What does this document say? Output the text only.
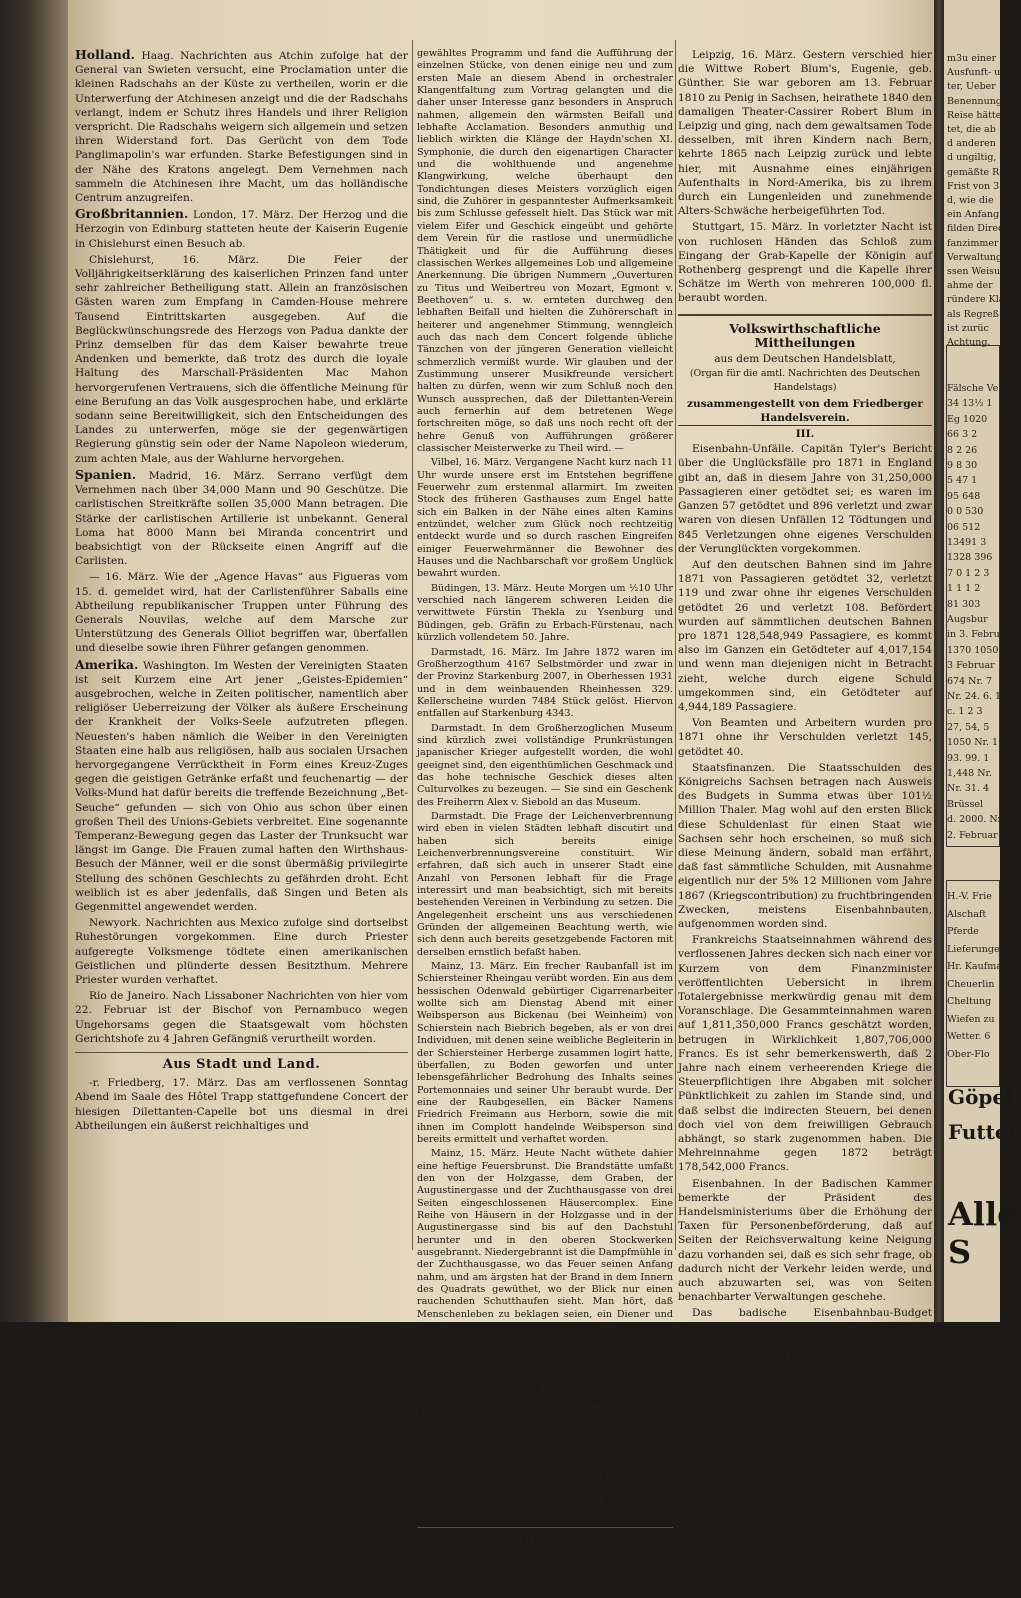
Holland. Haag. Nachrichten aus Atchin zufolge hat der General van Swieten versucht, eine Proclamation unter die kleinen Radschahs an der Küste zu vertheilen, worin er die Unterwerfung der Atchinesen anzeigt und die der Radschahs verlangt, indem er Schutz ihres Handels und ihrer Religion verspricht. Die Radschahs weigern sich allgemein und setzen ihren Widerstand fort. Das Gerücht von dem Tode Panglimapolin's war erfunden. Starke Befestigungen sind in der Nähe des Kratons angelegt. Dem Vernehmen nach sammeln die Atchinesen ihre Macht, um das holländische Centrum anzugreifen.

Großbritannien. London, 17. März. Der Herzog und die Herzogin von Edinburg statteten heute der Kaiserin Eugenie in Chislehurst einen Besuch ab.

Chislehurst, 16. März. Die Feier der Volljährigkeitserklärung des kaiserlichen Prinzen fand unter sehr zahlreicher Betheiligung statt. Allein an französischen Gästen waren zum Empfang in Camden-House mehrere Tausend Eintrittskarten ausgegeben. Auf die Beglückwünschungsrede des Herzogs von Padua dankte der Prinz demselben für das dem Kaiser bewahrte treue Andenken und bemerkte, daß trotz des durch die loyale Haltung des Marschall-Präsidenten Mac Mahon hervorgerufenen Vertrauens, sich die öffentliche Meinung für eine Berufung an das Volk ausgesprochen habe, und erklärte sodann seine Bereitwilligkeit, sich den Entscheidungen des Landes zu unterwerfen, möge sie der gegenwärtigen Regierung günstig sein oder der Name Napoleon wiederum, zum achten Male, aus der Wahlurne hervorgehen.

Spanien. Madrid, 16. März. Serrano verfügt dem Vernehmen nach über 34,000 Mann und 90 Geschütze. Die carlistischen Streitkräfte sollen 35,000 Mann betragen. Die Stärke der carlistischen Artillerie ist unbekannt. General Loma hat 8000 Mann bei Miranda concentrirt und beabsichtigt von der Rückseite einen Angriff auf die Carlisten.

— 16. März. Wie der „Agence Havas“ aus Figueras vom 15. d. gemeldet wird, hat der Carlistenführer Saballs eine Abtheilung republikanischer Truppen unter Führung des Generals Nouvilas, welche auf dem Marsche zur Unterstützung des Generals Olliot begriffen war, überfallen und dieselbe sowie ihren Führer gefangen genommen.

Amerika. Washington. Im Westen der Vereinigten Staaten ist seit Kurzem eine Art jener „Geistes-Epidemien“ ausgebrochen, welche in Zeiten politischer, namentlich aber religiöser Ueberreizung der Völker als äußere Erscheinung der Krankheit der Volks-Seele aufzutreten pflegen. Neuesten's haben nämlich die Weiber in den Vereinigten Staaten eine halb aus religiösen, halb aus socialen Ursachen hervorgegangene Verrücktheit in Form eines Kreuz-Zuges gegen die geistigen Getränke erfaßt und feuchenartig — der Volks-Mund hat dafür bereits die treffende Bezeichnung „Bet-Seuche“ gefunden — sich von Ohio aus schon über einen großen Theil des Unions-Gebiets verbreitet. Eine sogenannte Temperanz-Bewegung gegen das Laster der Trunksucht war längst im Gange. Die Frauen zumal haften den Wirthshaus-Besuch der Männer, weil er die sonst übermäßig privilegirte Stellung des schönen Geschlechts zu gefährden droht. Echt weiblich ist es aber jedenfalls, daß Singen und Beten als Gegenmittel angewendet werden.

Newyork. Nachrichten aus Mexico zufolge sind dortselbst Ruhestörungen vorgekommen. Eine durch Priester aufgeregte Volksmenge tödtete einen amerikanischen Geistlichen und plünderte dessen Besitzthum. Mehrere Priester wurden verhaftet.

Rio de Janeiro. Nach Lissaboner Nachrichten von hier vom 22. Februar ist der Bischof von Pernambuco wegen Ungehorsams gegen die Staatsgewalt vom höchsten Gerichtshofe zu 4 Jahren Gefängniß verurtheilt worden.

Aus Stadt und Land.

-r. Friedberg, 17. März. Das am verflossenen Sonntag Abend im Saale des Hôtel Trapp stattgefundene Concert der hiesigen Dilettanten-Capelle bot uns diesmal in drei Abtheilungen ein äußerst reichhaltiges und

gewähltes Programm und fand die Aufführung der einzelnen Stücke, von denen einige neu und zum ersten Male an diesem Abend in orchestraler Klangentfaltung zum Vortrag gelangten und die daher unser Interesse ganz besonders in Anspruch nahmen, allgemein den wärmsten Beifall und lebhafte Acclamation. Besonders anmuthig und lieblich wirkten die Klänge der Haydn'schen XI. Symphonie, die durch den eigenartigen Character und die wohlthuende und angenehme Klangwirkung, welche überhaupt den Tondichtungen dieses Meisters vorzüglich eigen sind, die Zuhörer in gespanntester Aufmerksamkeit bis zum Schlusse gefesselt hielt. Das Stück war mit vielem Eifer und Geschick eingeübt und gehörte dem Verein für die rastlose und unermüdliche Thätigkeit und für die Aufführung dieses classischen Werkes allgemeines Lob und allgemeine Anerkennung. Die übrigen Nummern „Ouverturen zu Titus und Weibertreu von Mozart, Egmont v. Beethoven“ u. s. w. ernteten durchweg den lebhaften Beifall und hielten die Zuhörerschaft in heiterer und angenehmer Stimmung, wenngleich auch das nach dem Concert folgende übliche Tänzchen von der jüngeren Generation vielleicht schmerzlich vermißt wurde. Wir glauben und der Zustimmung unserer Musikfreunde versichert halten zu dürfen, wenn wir zum Schluß noch den Wunsch aussprechen, daß der Dilettanten-Verein auch fernerhin auf dem betretenen Wege fortschreiten möge, so daß uns noch recht oft der hehre Genuß von Aufführungen größerer classischer Meisterwerke zu Theil wird. —

Vilbel, 16. März. Vergangene Nacht kurz nach 11 Uhr wurde unsere erst im Entstehen begriffene Feuerwehr zum erstenmal allarmirt. Im zweiten Stock des früheren Gasthauses zum Engel hatte sich ein Balken in der Nähe eines alten Kamins entzündet, welcher zum Glück noch rechtzeitig entdeckt wurde und so durch raschen Eingreifen einiger Feuerwehrmänner die Bewohner des Hauses und die Nachbarschaft vor großem Unglück bewahrt wurden.

Büdingen, 13. März. Heute Morgen um ½10 Uhr verschied nach längerem schweren Leiden die verwittwete Fürstin Thekla zu Ysenburg und Büdingen, geb. Gräfin zu Erbach-Fürstenau, nach kürzlich vollendetem 50. Jahre.

Darmstadt, 16. März. Im Jahre 1872 waren im Großherzogthum 4167 Selbstmörder und zwar in der Provinz Starkenburg 2007, in Oberhessen 1931 und in dem weinbauenden Rheinhessen 329. Kellerscheine wurden 7484 Stück gelöst. Hiervon entfallen auf Starkenburg 4343.

Darmstadt. In dem Großherzoglichen Museum sind kürzlich zwei vollständige Prunkrüstungen japanischer Krieger aufgestellt worden, die wohl geeignet sind, den eigenthümlichen Geschmack und das hohe technische Geschick dieses alten Culturvolkes zu bezeugen. — Sie sind ein Geschenk des Freiherrn Alex v. Siebold an das Museum.

Darmstadt. Die Frage der Leichenverbrennung wird eben in vielen Städten lebhaft discutirt und haben sich bereits einige Leichenverbrennungsvereine constituirt. Wir erfahren, daß sich auch in unserer Stadt eine Anzahl von Personen lebhaft für die Frage interessirt und man beabsichtigt, sich mit bereits bestehenden Vereinen in Verbindung zu setzen. Die Angelegenheit erscheint uns aus verschiedenen Gründen der allgemeinen Beachtung werth, wie sich denn auch bereits gesetzgebende Factoren mit derselben ernstlich befaßt haben.

Mainz, 13. März. Ein frecher Raubanfall ist im Schiersteiner Rheingau verübt worden. Ein aus dem hessischen Odenwald gebürtiger Cigarrenarbeiter wollte sich am Dienstag Abend mit einer Weibsperson aus Bickenau (bei Weinheim) von Schierstein nach Biebrich begeben, als er von drei Individuen, mit denen seine weibliche Begleiterin in der Schiersteiner Herberge zusammen logirt hatte, überfallen, zu Boden geworfen und unter lebensgefährlicher Bedrohung des Inhalts seines Portemonnaies und seiner Uhr beraubt wurde. Der eine der Raubgesellen, ein Bäcker Namens Friedrich Freimann aus Herborn, sowie die mit ihnen im Complott handelnde Weibsperson sind bereits ermittelt und verhaftet worden.

Mainz, 15. März. Heute Nacht wüthete dahier eine heftige Feuersbrunst. Die Brandstätte umfaßt den von der Holzgasse, dem Graben, der Augustinergasse und der Zuchthausgasse von drei Seiten eingeschlossenen Häusercomplex. Eine Reihe von Häusern in der Holzgasse und in der Augustinergasse sind bis auf den Dachstuhl herunter und in den oberen Stockwerken ausgebrannt. Niedergebrannt ist die Dampfmühle in der Zuchthausgasse, wo das Feuer seinen Anfang nahm, und am ärgsten hat der Brand in dem Innern des Quadrats gewüthet, wo der Blick nur einen rauchenden Schutthaufen sieht. Man hört, daß Menschenleben zu beklagen seien, ein Diener und eine Magd sollen verunglückt sein. Bestätigung dieser Nachricht und der von bedeutenden Verletzungen erzählenden Gerüchte bleibt abzuwarten. Ein Mädchen rettete sich durch einen Sprung aus dem zweiten Stock auf einen untergebreiteten Mantel. Die Zahl der verbrannten Gebäude mag etwa 10 bis 15 betragen. Ueber die Entstehungsursache verlautet nichts Bestimmtes. Seit langer Zeit war hier kein ähnlich starker Brand zu beklagen. Heute Abend standen die Brandtrümmer noch in Gluth und schlug hier und da eine Flamme auf.

Bingen, 12. März. Am Abend des 11. d. legte sich in der Nähe der alten Brücke ein Frauenzimmer auf die Schienen der Nahebahn und ihr Körper wurde von dem Schnellzuge in zwei Theile getrennt.

Allerlei.

Frankfurt, 14. März. Gestern Abend wurde der Raubmörder Völker, dessen Identität nunmehr vollständig festgestellt ist, im hiesigen Gefängniß eingebracht.

Leipzig, 16. März. Gestern verschied hier die Wittwe Robert Blum's, Eugenie, geb. Günther. Sie war geboren am 13. Februar 1810 zu Penig in Sachsen, heirathete 1840 den damaligen Theater-Cassirer Robert Blum in Leipzig und ging, nach dem gewaltsamen Tode desselben, mit ihren Kindern nach Bern, kehrte 1865 nach Leipzig zurück und lebte hier, mit Ausnahme eines einjährigen Aufenthalts in Nord-Amerika, bis zu ihrem durch ein Lungenleiden und zunehmende Alters-Schwäche herbeigeführten Tod.

Stuttgart, 15. März. In vorletzter Nacht ist von ruchlosen Händen das Schloß zum Eingang der Grab-Kapelle der Königin auf Rothenberg gesprengt und die Kapelle ihrer Schätze im Werth von mehreren 100,000 fl. beraubt worden.

Volkswirthschaftliche Mittheilungen

aus dem Deutschen Handelsblatt,

(Organ für die amtl. Nachrichten des Deutschen Handelstags)

zusammengestellt von dem Friedberger Handelsverein.

III.

Eisenbahn-Unfälle. Capitän Tyler's Bericht über die Unglücksfälle pro 1871 in England gibt an, daß in diesem Jahre von 31,250,000 Passagieren einer getödtet sei; es waren im Ganzen 57 getödtet und 896 verletzt und zwar waren von diesen Unfällen 12 Tödtungen und 845 Verletzungen ohne eigenes Verschulden der Verunglückten vorgekommen.

Auf den deutschen Bahnen sind im Jahre 1871 von Passagieren getödtet 32, verletzt 119 und zwar ohne ihr eigenes Verschulden getödtet 26 und verletzt 108. Befördert wurden auf sämmtlichen deutschen Bahnen pro 1871 128,548,949 Passagiere, es kommt also im Ganzen ein Getödteter auf 4,017,154 und wenn man diejenigen nicht in Betracht zieht, welche durch eigene Schuld umgekommen sind, ein Getödteter auf 4,944,189 Passagiere.

Von Beamten und Arbeitern wurden pro 1871 ohne ihr Verschulden verletzt 145, getödtet 40.

Staatsfinanzen. Die Staatsschulden des Königreichs Sachsen betragen nach Ausweis des Budgets in Summa etwas über 101½ Million Thaler. Mag wohl auf den ersten Blick diese Schuldenlast für einen Staat wie Sachsen sehr hoch erscheinen, so muß sich diese Meinung ändern, sobald man erfährt, daß fast sämmtliche Schulden, mit Ausnahme eigentlich nur der 5% 12 Millionen vom Jahre 1867 (Kriegscontribution) zu fruchtbringenden Zwecken, meistens Eisenbahnbauten, aufgenommen worden sind.

Frankreichs Staatseinnahmen während des verflossenen Jahres decken sich nach einer vor Kurzem von dem Finanzminister veröffentlichten Uebersicht in ihrem Totalergebnisse merkwürdig genau mit dem Voranschlage. Die Gesammteinnahmen waren auf 1,811,350,000 Francs geschätzt worden, betrugen in Wirklichkeit 1,807,706,000 Francs. Es ist sehr bemerkenswerth, daß 2 Jahre nach einem verheerenden Kriege die Steuerpflichtigen ihre Abgaben mit solcher Pünktlichkeit zu zahlen im Stande sind, und daß selbst die indirecten Steuern, bei denen doch viel von dem freiwilligen Gebrauch abhängt, so stark zugenommen haben. Die Mehreinnahme gegen 1872 beträgt 178,542,000 Francs.

Eisenbahnen. In der Badischen Kammer bemerkte der Präsident des Handelsministeriums über die Erhöhung der Taxen für Personenbeförderung, daß auf Seiten der Reichsverwaltung keine Neigung dazu vorhanden sei, daß es sich sehr frage, ob dadurch nicht der Verkehr leiden werde, und auch abzuwarten sei, was von Seiten benachbarter Verwaltungen geschehe.

Das badische Eisenbahnbau-Budget beziffert sich für die nächste Finanzperiode auf ca. 25 Millionen Gulden; im sächsischen Budget sind für den Neubau von Eisenbahnen, Erweiterung der Bahnhöfe zc. für 1874 und 75 ca. 10½ Millionen Thaler ausgeworfen.

Aus der Rechtsprechung des Reichs-Oberhandelsgerichts. Wie bedenklich es ist, einen Wechsel zu übernehmen, ohne die vorangehenden Firmen genau zu kennen, zeigte sich in folgendem Falle. Ein Wechsel war gezogen auf ein Handlungs-

m3u einer
Ausfunft- u
ter, Ueber
Benennung
Reise hätte
tet, die ab
d anderen
d ungiltig,
gemäßte Re
Frist von 3
d, wie die
ein Anfang
filden Direct
fanzimmer
Verwaltungs
ssen Weisu
ahme der
ründere Klage
als Regreß
ist zurüc
Achtung.
Fälsche Ve
34 13½ 1
Eg 1020
66 3 2
8 2 26
9 8 30
5 47 1
95 648
0 0 530
06 512
13491 3
1328 396
7 0 1 2 3
1 1 1 2
81 303
Augsbur
in 3. Februa
1370 1050
3 Februar
674 Nr. 7
Nr. 24. 6. 1
c. 1 2 3
27, 54, 5
1050 Nr. 1
93. 99. 1
1,448 Nr.
Nr. 31. 4
Brüssel
d. 2000. Nr
2. Februar
H.-V. Frie
Alschaft
Pferde
Lieferunge
Hr. Kaufman
Cheuerlin
Cheltung
Wiefen zu
Wetter. 6
Ober-Flo
Göpel-
Futter
Alle S
